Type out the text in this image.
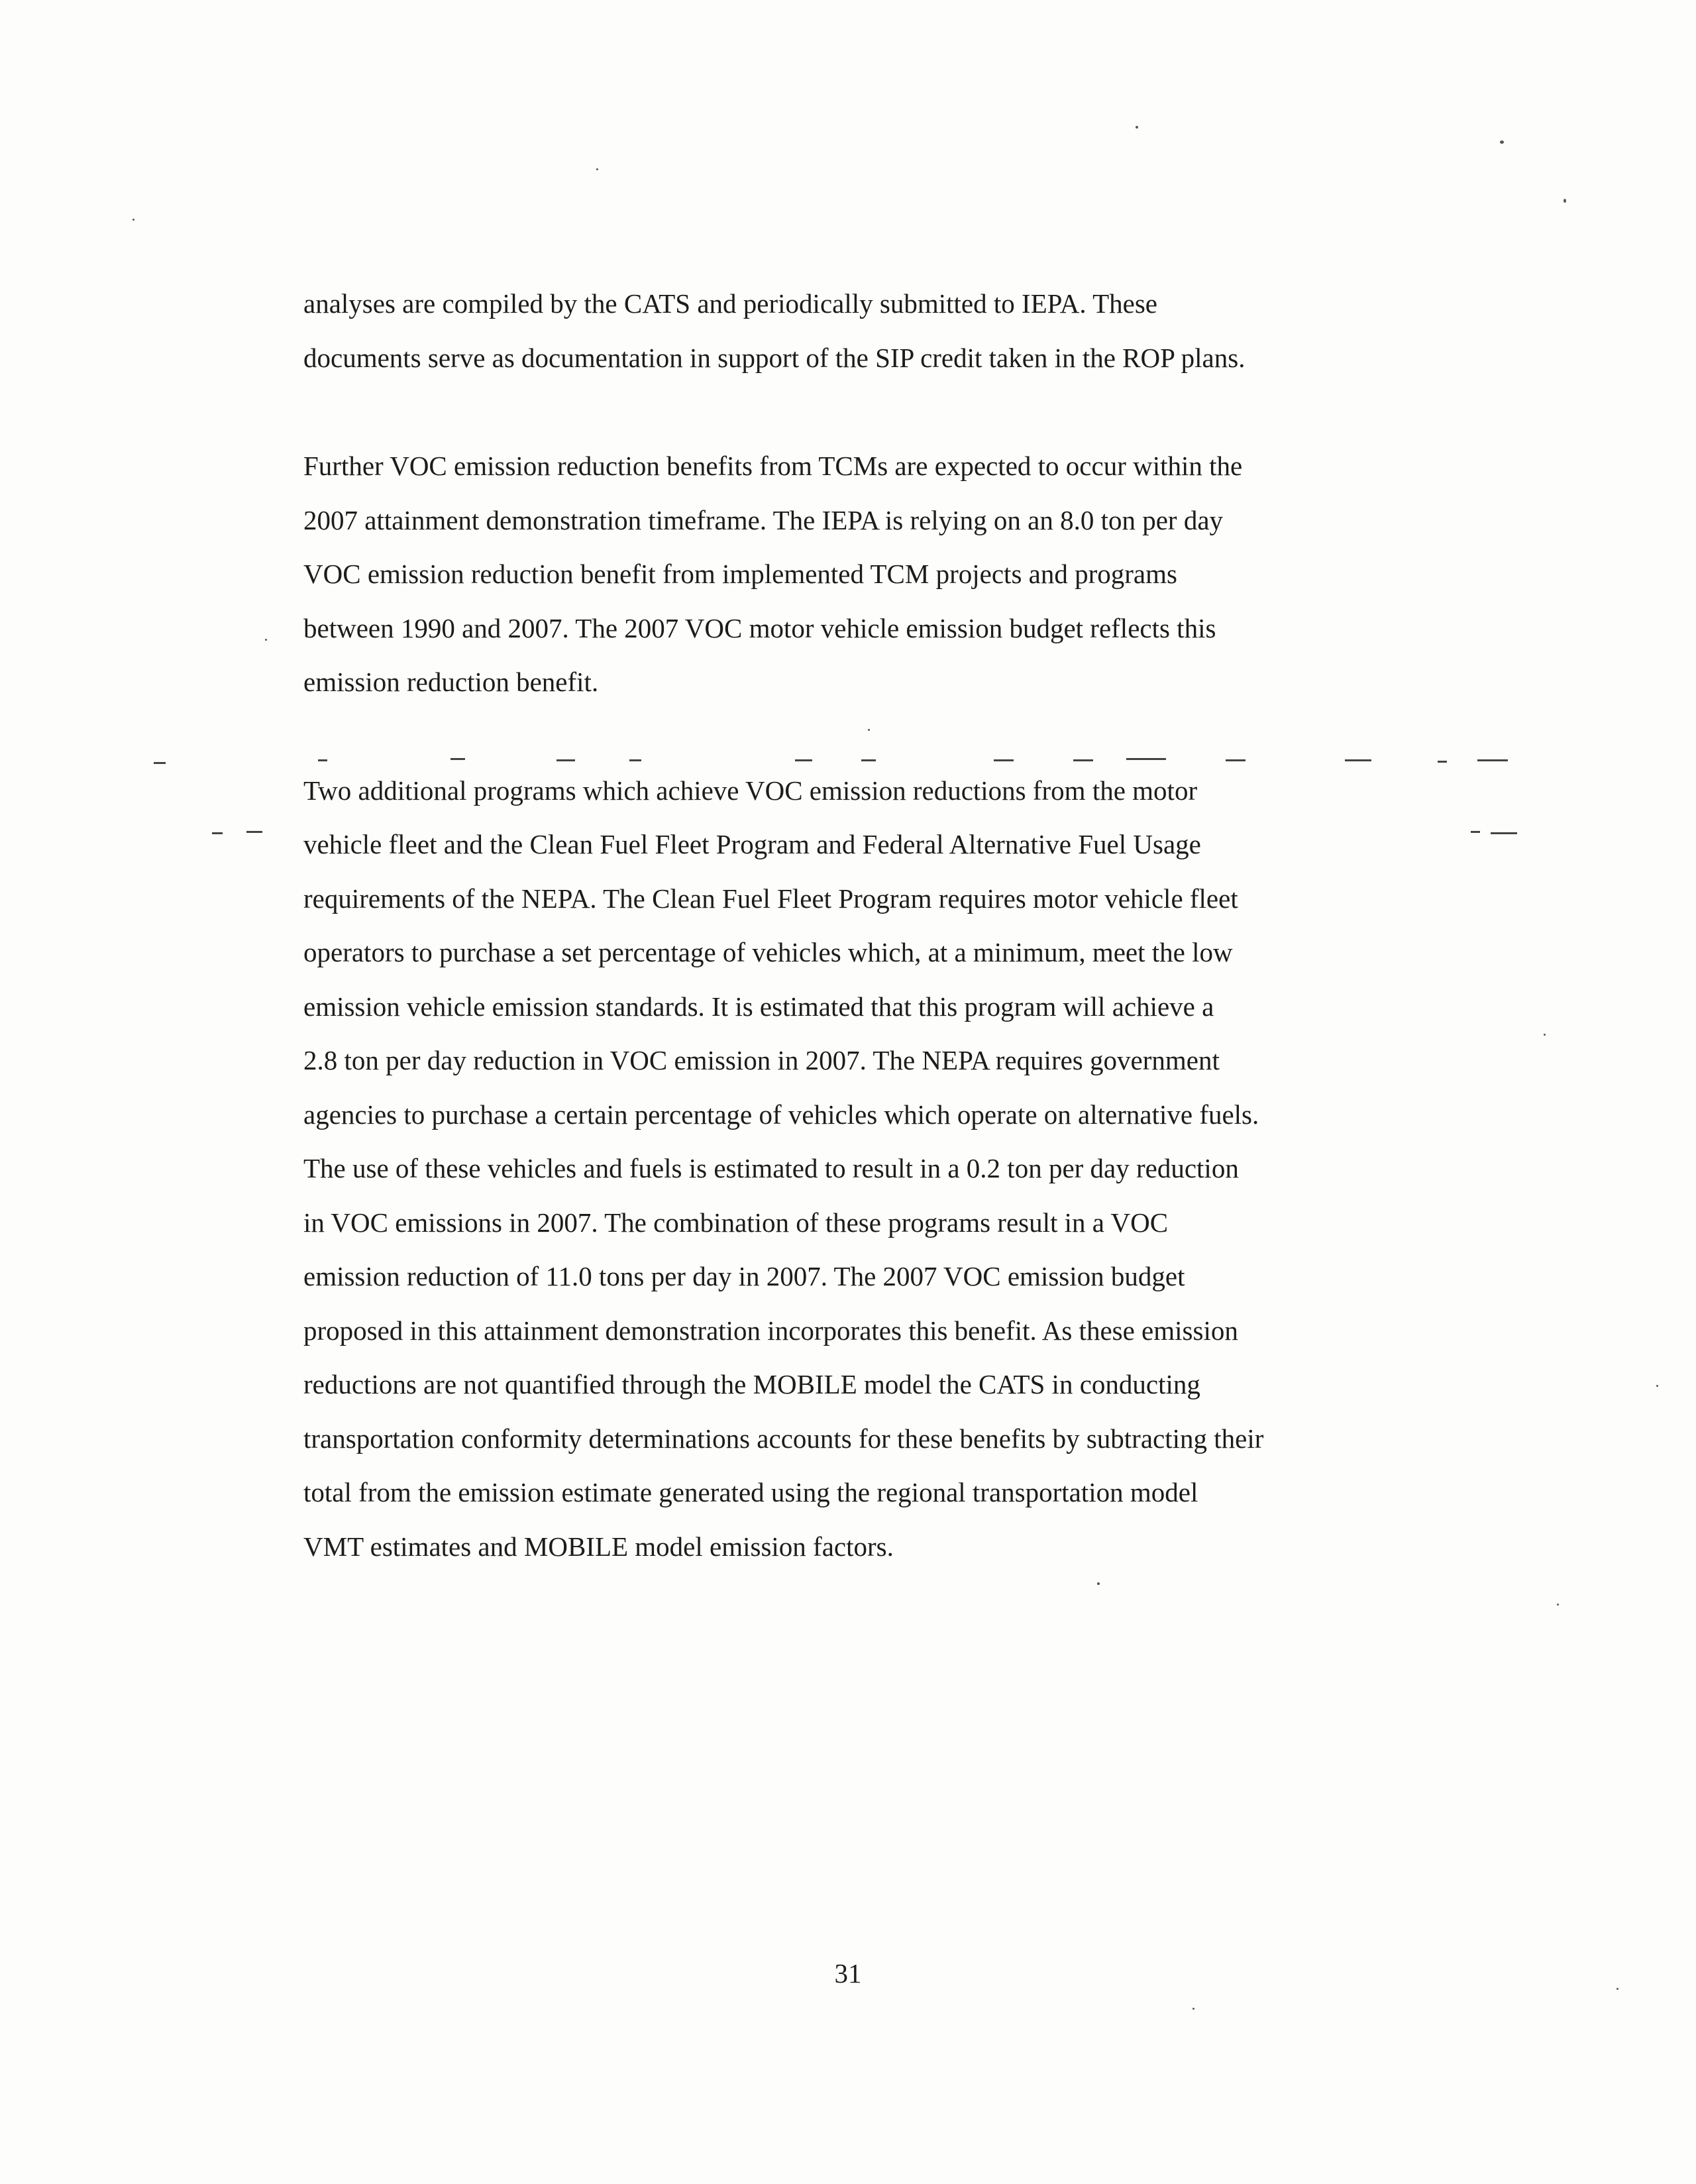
analyses are compiled by the CATS and periodically submitted to IEPA. These
documents serve as documentation in support of the SIP credit taken in the ROP plans.
Further VOC emission reduction benefits from TCMs are expected to occur within the
2007 attainment demonstration timeframe. The IEPA is relying on an 8.0 ton per day
VOC emission reduction benefit from implemented TCM projects and programs
between 1990 and 2007. The 2007 VOC motor vehicle emission budget reflects this
emission reduction benefit.
Two additional programs which achieve VOC emission reductions from the motor
vehicle fleet and the Clean Fuel Fleet Program and Federal Alternative Fuel Usage
requirements of the NEPA. The Clean Fuel Fleet Program requires motor vehicle fleet
operators to purchase a set percentage of vehicles which, at a minimum, meet the low
emission vehicle emission standards. It is estimated that this program will achieve a
2.8 ton per day reduction in VOC emission in 2007. The NEPA requires government
agencies to purchase a certain percentage of vehicles which operate on alternative fuels.
The use of these vehicles and fuels is estimated to result in a 0.2 ton per day reduction
in VOC emissions in 2007. The combination of these programs result in a VOC
emission reduction of 11.0 tons per day in 2007. The 2007 VOC emission budget
proposed in this attainment demonstration incorporates this benefit. As these emission
reductions are not quantified through the MOBILE model the CATS in conducting
transportation conformity determinations accounts for these benefits by subtracting their
total from the emission estimate generated using the regional transportation model
VMT estimates and MOBILE model emission factors.
31
